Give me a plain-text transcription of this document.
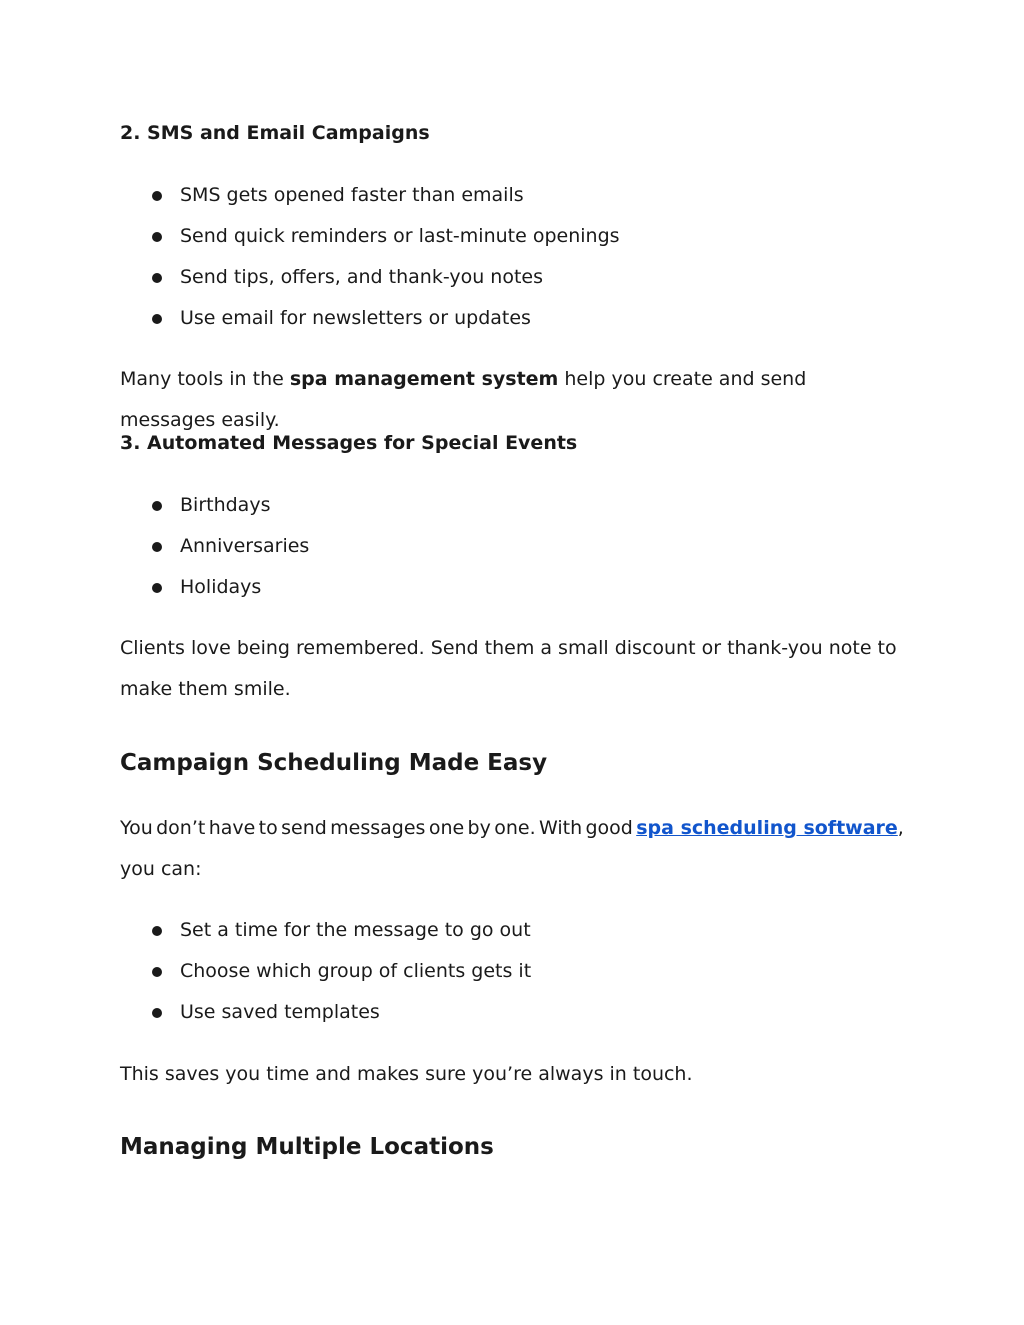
2. SMS and Email Campaigns
SMS gets opened faster than emails
Send quick reminders or last-minute openings
Send tips, offers, and thank-you notes
Use email for newsletters or updates
Many tools in the spa management system help you create and send messages easily.
3. Automated Messages for Special Events
Birthdays
Anniversaries
Holidays
Clients love being remembered. Send them a small discount or thank-you note to make them smile.
Campaign Scheduling Made Easy
You don’t have to send messages one by one. With good spa scheduling software,
you can:
Set a time for the message to go out
Choose which group of clients gets it
Use saved templates
This saves you time and makes sure you’re always in touch.
Managing Multiple Locations
